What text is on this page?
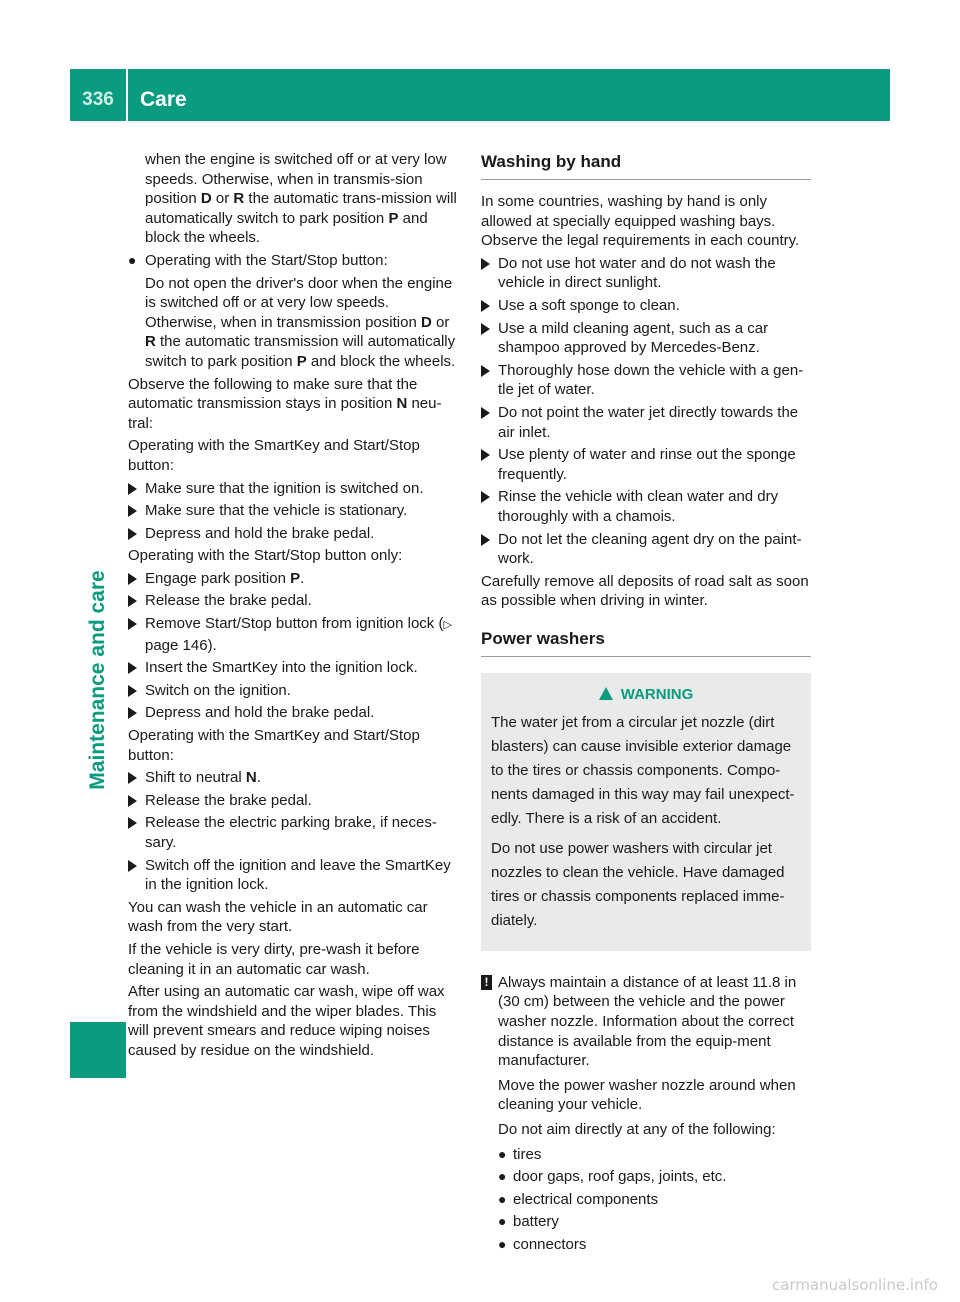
336	Care
Maintenance and care

when the engine is switched off or at very low speeds. Otherwise, when in transmis-sion position D or R the automatic trans-mission will automatically switch to park position P and block the wheels.

● Operating with the Start/Stop button:

Do not open the driver's door when the engine is switched off or at very low speeds. Otherwise, when in transmission position D or R the automatic transmission will automatically switch to park position P and block the wheels.

Observe the following to make sure that the automatic transmission stays in position N neu-tral:

Operating with the SmartKey and Start/Stop button:

Make sure that the ignition is switched on.
Make sure that the vehicle is stationary.
Depress and hold the brake pedal.

Operating with the Start/Stop button only:

Engage park position P.
Release the brake pedal.
Remove Start/Stop button from ignition lock (▷ page 146).
Insert the SmartKey into the ignition lock.
Switch on the ignition.
Depress and hold the brake pedal.

Operating with the SmartKey and Start/Stop button:

Shift to neutral N.
Release the brake pedal.
Release the electric parking brake, if neces-sary.
Switch off the ignition and leave the SmartKey in the ignition lock.

You can wash the vehicle in an automatic car wash from the very start.

If the vehicle is very dirty, pre-wash it before cleaning it in an automatic car wash.

After using an automatic car wash, wipe off wax from the windshield and the wiper blades. This will prevent smears and reduce wiping noises caused by residue on the windshield.

Washing by hand

In some countries, washing by hand is only allowed at specially equipped washing bays. Observe the legal requirements in each country.

Do not use hot water and do not wash the vehicle in direct sunlight.
Use a soft sponge to clean.
Use a mild cleaning agent, such as a car shampoo approved by Mercedes-Benz.
Thoroughly hose down the vehicle with a gen-tle jet of water.
Do not point the water jet directly towards the air inlet.
Use plenty of water and rinse out the sponge frequently.
Rinse the vehicle with clean water and dry thoroughly with a chamois.
Do not let the cleaning agent dry on the paint-work.

Carefully remove all deposits of road salt as soon as possible when driving in winter.

Power washers
WARNING

The water jet from a circular jet nozzle (dirt blasters) can cause invisible exterior damage to the tires or chassis components. Compo-nents damaged in this way may fail unexpect-edly. There is a risk of an accident.

Do not use power washers with circular jet nozzles to clean the vehicle. Have damaged tires or chassis components replaced imme-diately.

! Always maintain a distance of at least 11.8 in (30 cm) between the vehicle and the power washer nozzle. Information about the correct distance is available from the equip-ment manufacturer.

Move the power washer nozzle around when cleaning your vehicle.

Do not aim directly at any of the following:

● tires
● door gaps, roof gaps, joints, etc.
● electrical components
● battery
● connectors
carmanualsonline.info
